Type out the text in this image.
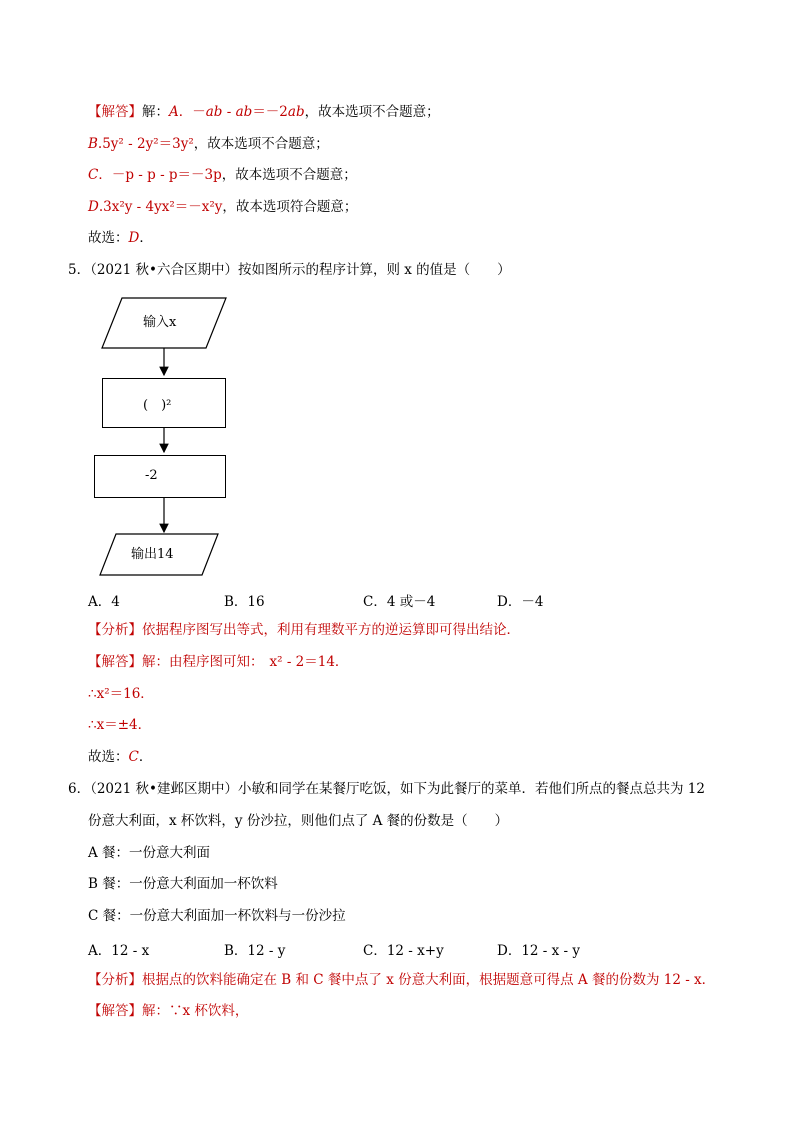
【解答】解：A．－ab - ab＝－2ab，故本选项不合题意；
B.5y² - 2y²＝3y²，故本选项不合题意；
C．－p - p - p＝－3p，故本选项不合题意；
D.3x²y - 4yx²＝－x²y，故本选项符合题意；
故选：D．
5．（2021 秋•六合区期中）按如图所示的程序计算，则 x 的值是（　　）
输入x
(　)²
-2
输出14
A．4	B．16	C．4 或－4	D．－4
【分析】依据程序图写出等式，利用有理数平方的逆运算即可得出结论．
【解答】解：由程序图可知： x² - 2＝14．
∴x²＝16．
∴x＝±4．
故选：C．
6．（2021 秋•建邺区期中）小敏和同学在某餐厅吃饭，如下为此餐厅的菜单．若他们所点的餐点总共为 12
份意大利面，x 杯饮料，y 份沙拉，则他们点了 A 餐的份数是（　　）
A 餐：一份意大利面
B 餐：一份意大利面加一杯饮料
C 餐：一份意大利面加一杯饮料与一份沙拉
A．12 - x	B．12 - y	C．12 - x+y	D．12 - x - y
【分析】根据点的饮料能确定在 B 和 C 餐中点了 x 份意大利面，根据题意可得点 A 餐的份数为 12 - x．
【解答】解：∵x 杯饮料，
